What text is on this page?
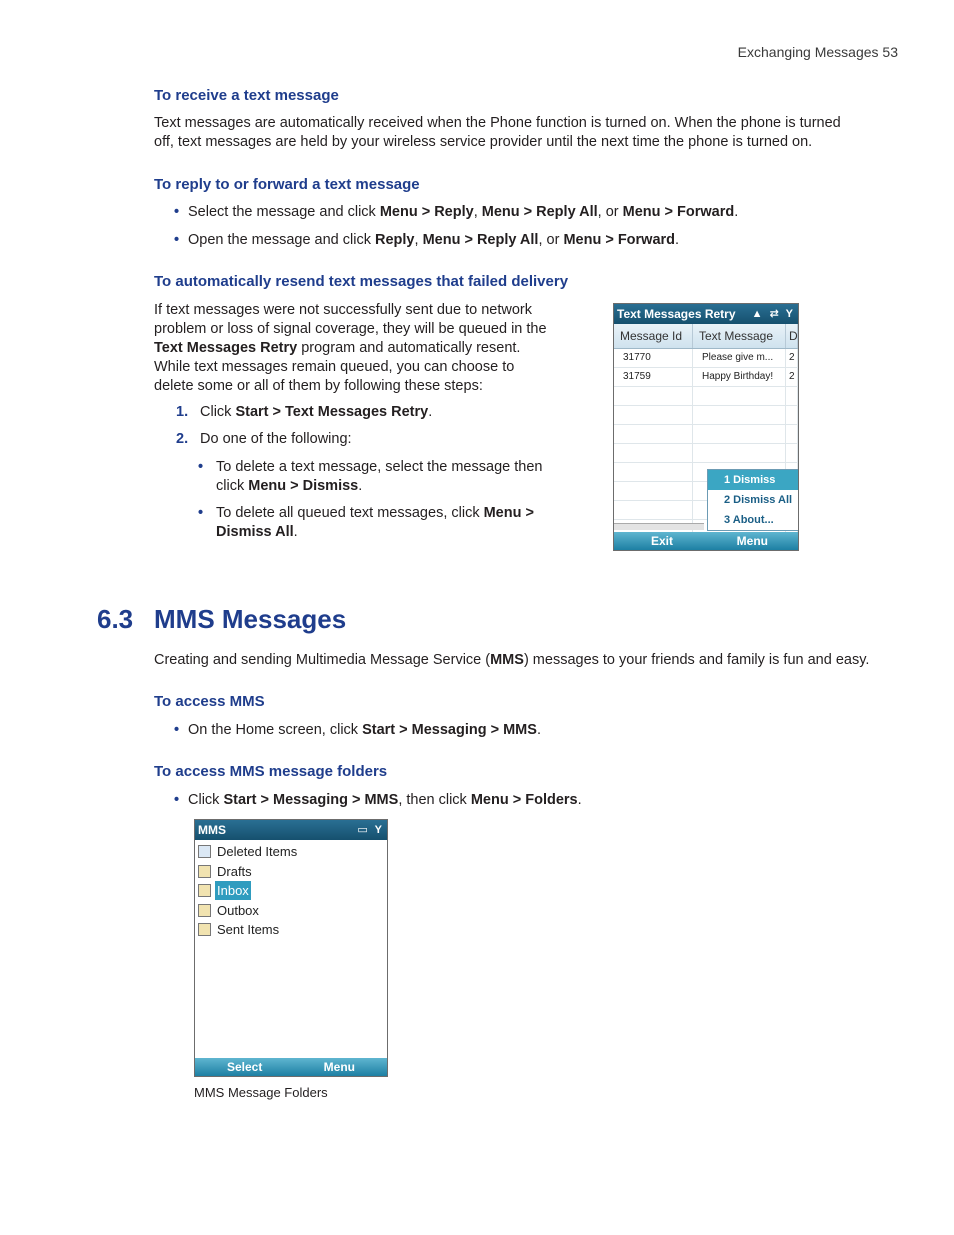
Exchanging Messages 53
To receive a text message

Text messages are automatically received when the Phone function is turned on. When the phone is turned off, text messages are held by your wireless service provider until the next time the phone is turned on.

To reply to or forward a text message
• Select the message and click Menu > Reply, Menu > Reply All, or Menu > Forward.
• Open the message and click Reply, Menu > Reply All, or Menu > Forward.
To automatically resend text messages that failed delivery

If text messages were not successfully sent due to network problem or loss of signal coverage, they will be queued in the Text Messages Retry program and automatically resent. While text messages remain queued, you can choose to delete some or all of them by following these steps:

1. Click Start > Text Messages Retry.
2. Do one of the following:
• To delete a text message, select the message then click Menu > Dismiss.
• To delete all queued text messages, click Menu > Dismiss All.
Text Messages Retry ▲ ⇄ Y
Message Id	Text Message	D
31770	Please give m...	2
31759	Happy Birthday!	2
1 Dismiss
2 Dismiss All
3 About...
Exit	Menu
6.3 MMS Messages

Creating and sending Multimedia Message Service (MMS) messages to your friends and family is fun and easy.

To access MMS
• On the Home screen, click Start > Messaging > MMS.
To access MMS message folders
• Click Start > Messaging > MMS, then click Menu > Folders.
MMS	▭ Y
Deleted Items
Drafts
Inbox
Outbox
Sent Items
Select	Menu
MMS Message Folders
